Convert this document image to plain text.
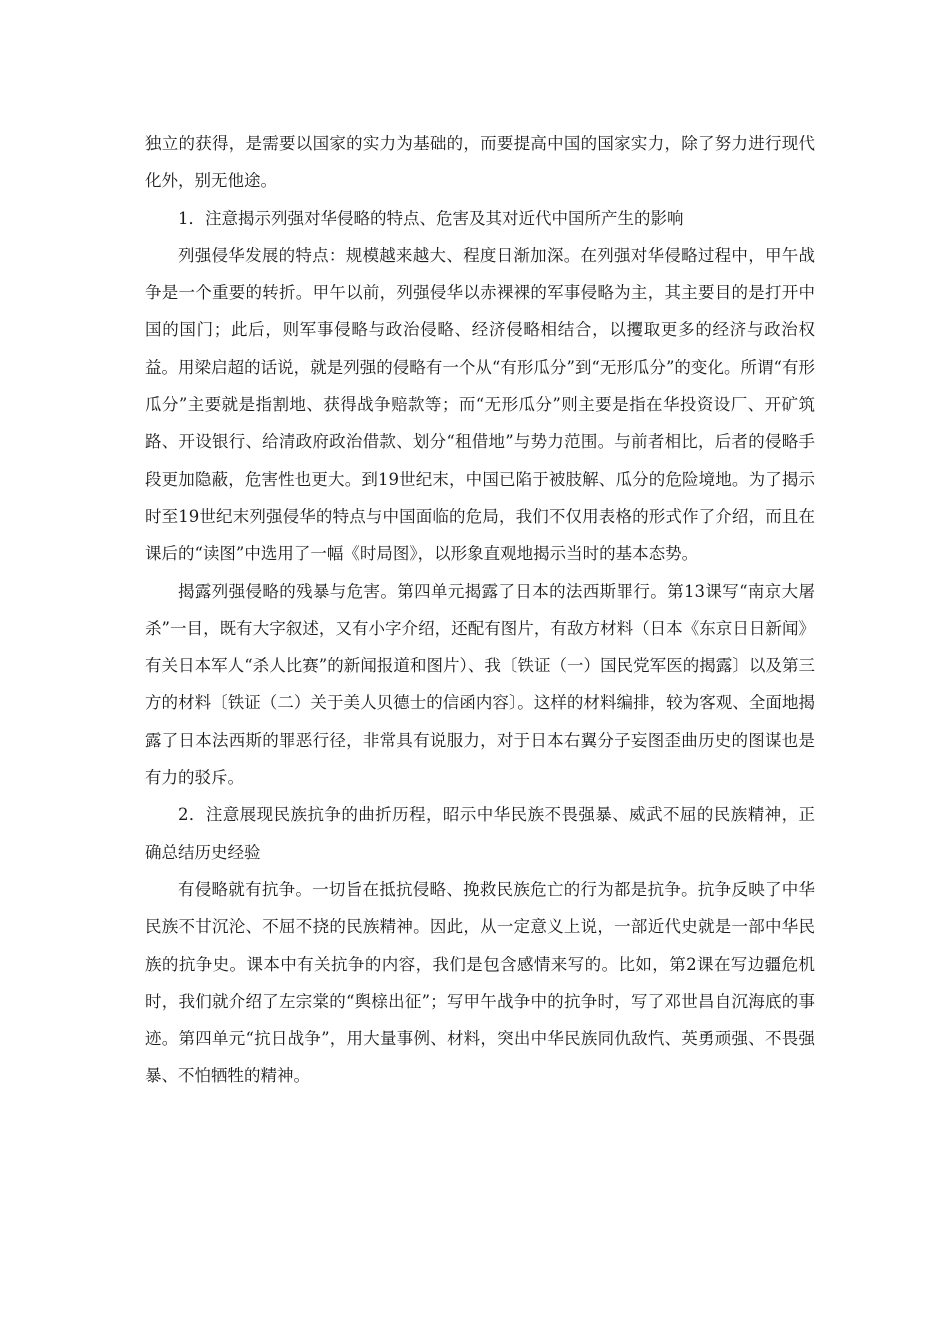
独立的获得，是需要以国家的实力为基础的，而要提高中国的国家实力，除了努力进行现代化外，别无他途。

1．注意揭示列强对华侵略的特点、危害及其对近代中国所产生的影响

列强侵华发展的特点：规模越来越大、程度日渐加深。在列强对华侵略过程中，甲午战争是一个重要的转折。甲午以前，列强侵华以赤裸裸的军事侵略为主，其主要目的是打开中国的国门；此后，则军事侵略与政治侵略、经济侵略相结合，以攫取更多的经济与政治权益。用梁启超的话说，就是列强的侵略有一个从“有形瓜分”到“无形瓜分”的变化。所谓“有形瓜分”主要就是指割地、获得战争赔款等；而“无形瓜分”则主要是指在华投资设厂、开矿筑路、开设银行、给清政府政治借款、划分“租借地”与势力范围。与前者相比，后者的侵略手段更加隐蔽，危害性也更大。到19世纪末，中国已陷于被肢解、瓜分的危险境地。为了揭示时至19世纪末列强侵华的特点与中国面临的危局，我们不仅用表格的形式作了介绍，而且在课后的“读图”中选用了一幅《时局图》，以形象直观地揭示当时的基本态势。

揭露列强侵略的残暴与危害。第四单元揭露了日本的法西斯罪行。第13课写“南京大屠杀”一目，既有大字叙述，又有小字介绍，还配有图片，有敌方材料（日本《东京日日新闻》有关日本军人“杀人比赛”的新闻报道和图片）、我〔铁证（一）国民党军医的揭露〕以及第三方的材料〔铁证（二）关于美人贝德士的信函内容〕。这样的材料编排，较为客观、全面地揭露了日本法西斯的罪恶行径，非常具有说服力，对于日本右翼分子妄图歪曲历史的图谋也是有力的驳斥。

2．注意展现民族抗争的曲折历程，昭示中华民族不畏强暴、威武不屈的民族精神，正确总结历史经验

有侵略就有抗争。一切旨在抵抗侵略、挽救民族危亡的行为都是抗争。抗争反映了中华民族不甘沉沦、不屈不挠的民族精神。因此，从一定意义上说，一部近代史就是一部中华民族的抗争史。课本中有关抗争的内容，我们是包含感情来写的。比如，第2课在写边疆危机时，我们就介绍了左宗棠的“舆榇出征”；写甲午战争中的抗争时，写了邓世昌自沉海底的事迹。第四单元“抗日战争”，用大量事例、材料，突出中华民族同仇敌忾、英勇顽强、不畏强暴、不怕牺牲的精神。
